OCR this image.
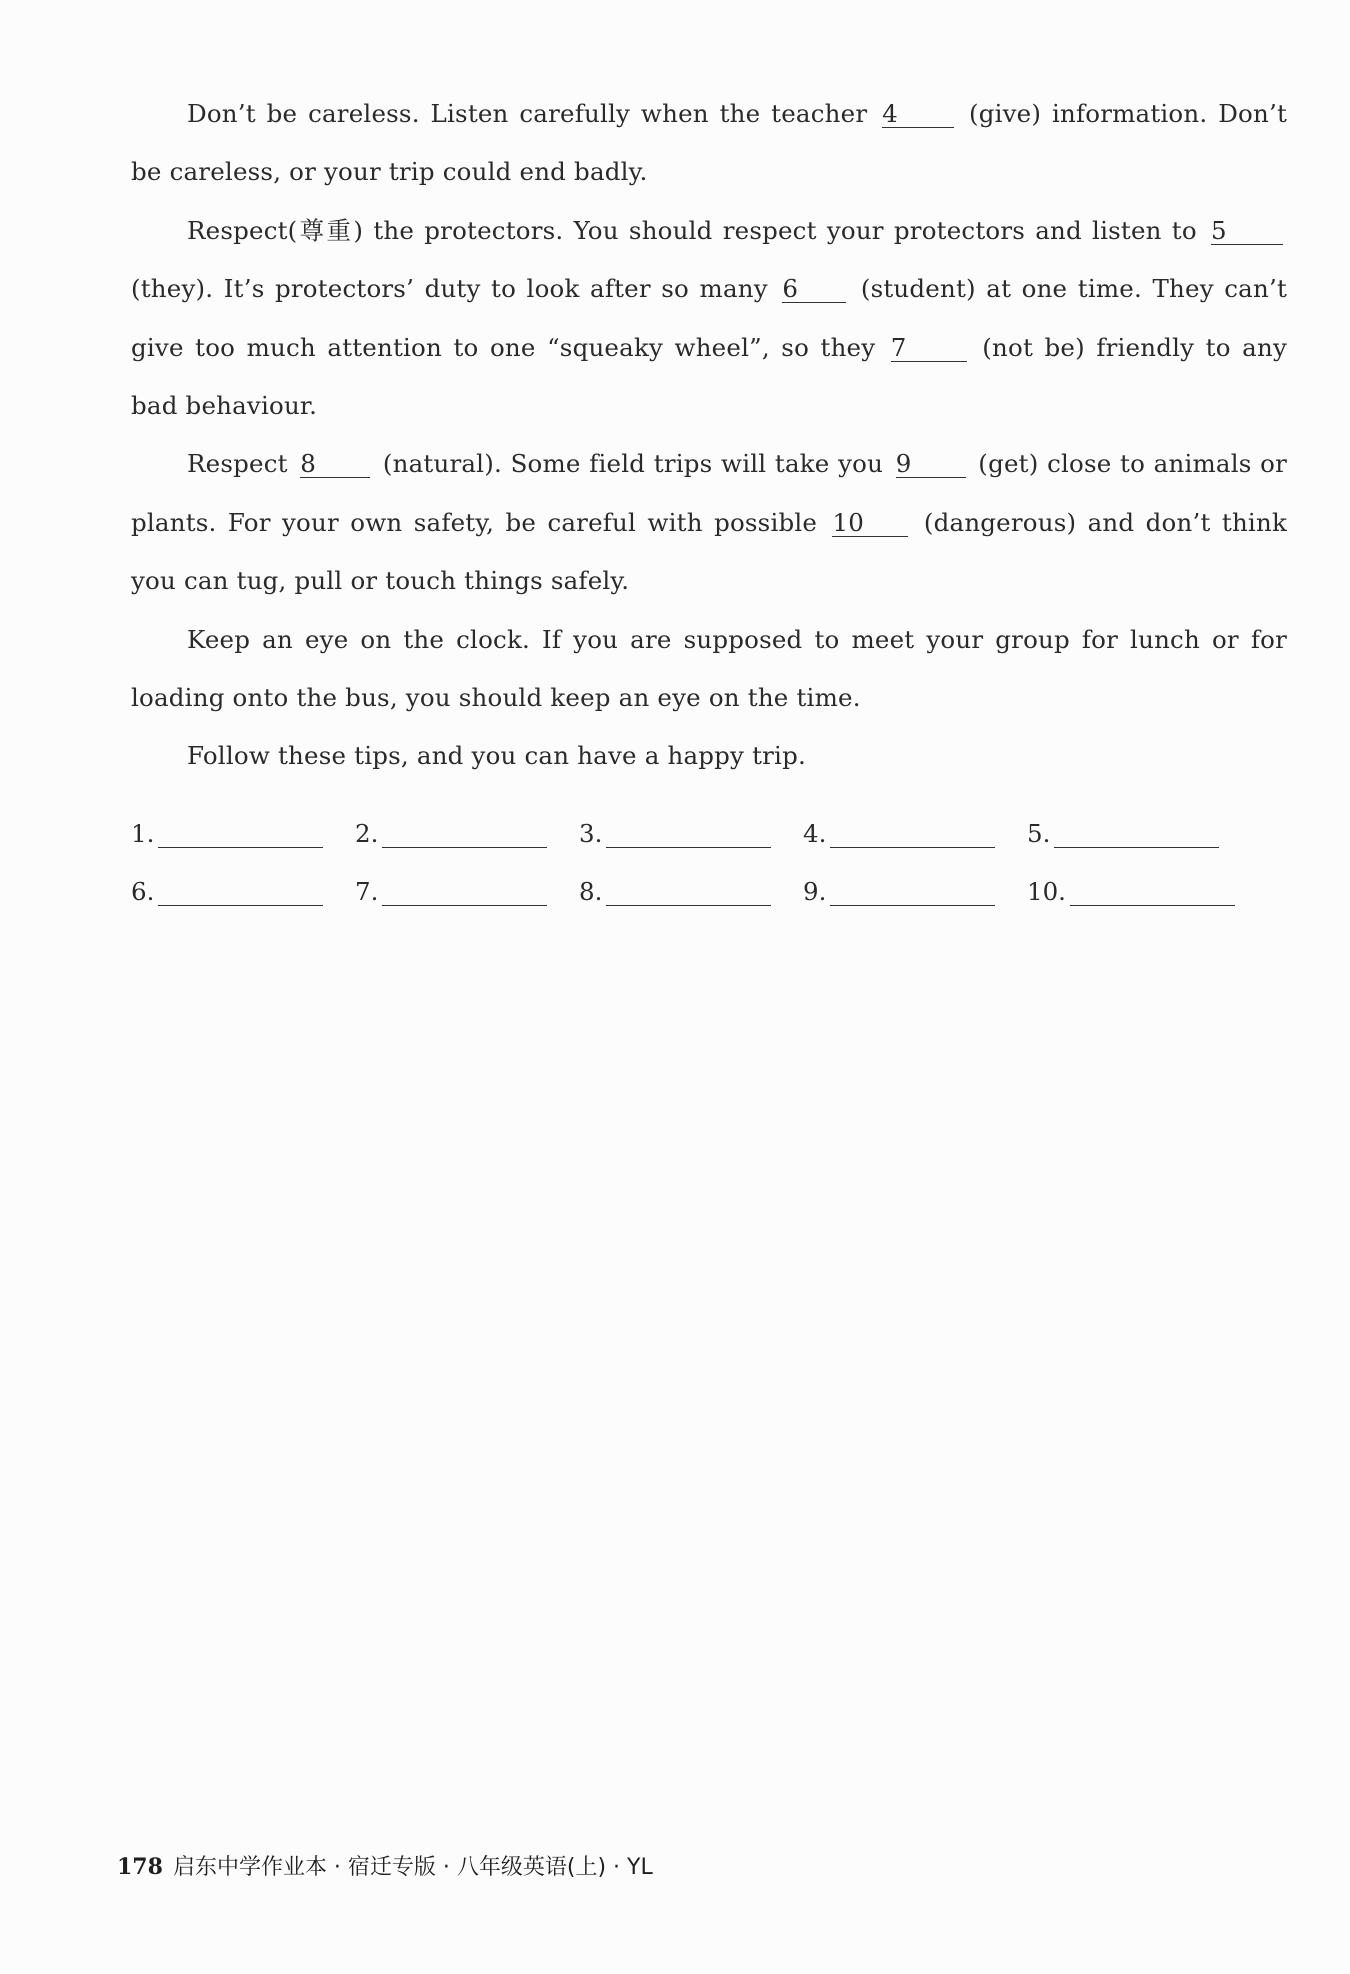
Don’t be careless. Listen carefully when the teacher 4 (give) information. Don’t be careless, or your trip could end badly.

Respect(尊重) the protectors. You should respect your protectors and listen to 5 (they). It’s protectors’ duty to look after so many 6 (student) at one time. They can’t give too much attention to one “squeaky wheel”, so they 7	(not be) friendly to any bad behaviour.

Respect 8 (natural). Some field trips will take you 9 (get) close to animals or plants. For your own safety, be careful with possible 10 (dangerous) and don’t think you can tug, pull or touch things safely.

Keep an eye on the clock. If you are supposed to meet your group for lunch or for loading onto the bus, you should keep an eye on the time.

Follow these tips, and you can have a happy trip.

1.	2.	3.	4.	5.
6.	7.	8.	9.	10.
178 启东中学作业本 · 宿迁专版 · 八年级英语(上) · YL
